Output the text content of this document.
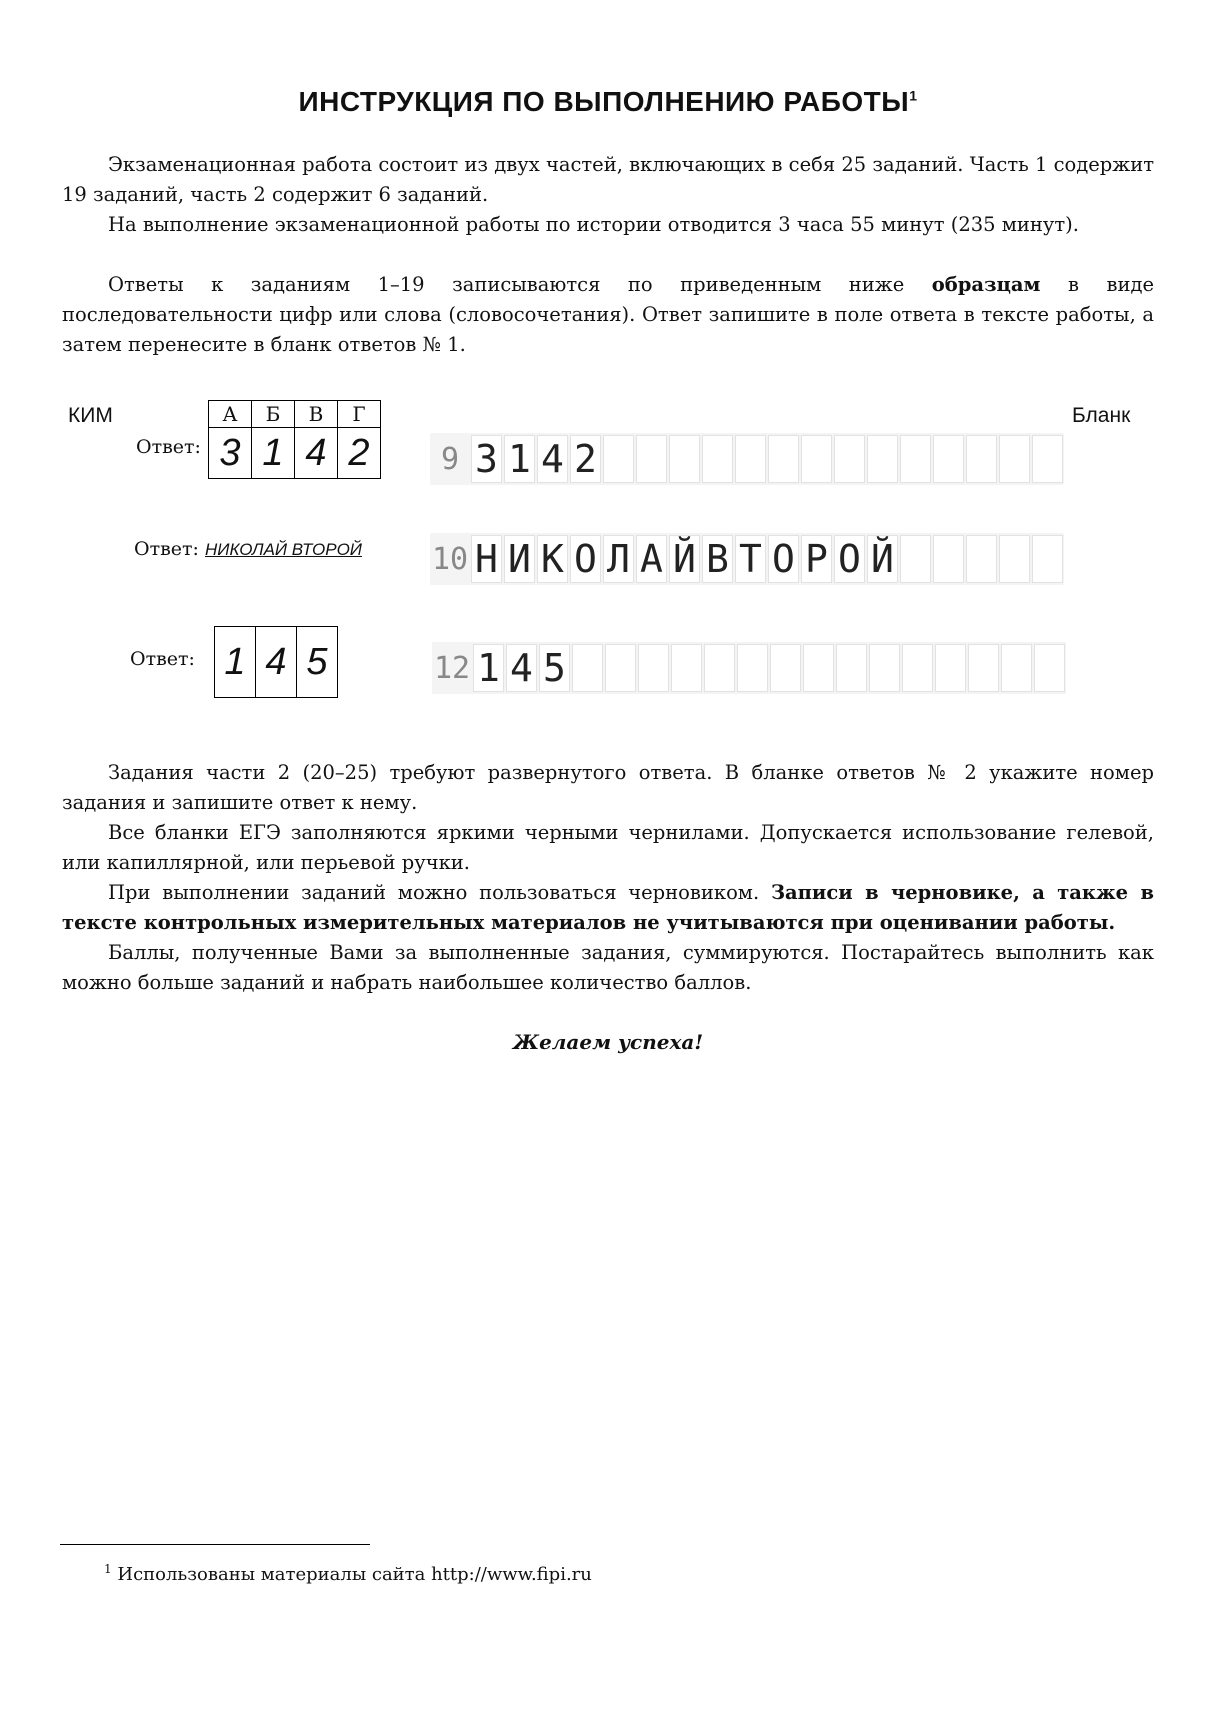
ИНСТРУКЦИЯ ПО ВЫПОЛНЕНИЮ РАБОТЫ$^1$

Экзаменационная работа состоит из двух частей, включающих в себя 25 заданий. Часть 1 содержит 19 заданий, часть 2 содержит 6 заданий.

На выполнение экзаменационной работы по истории отводится 3 часа 55 минут (235 минут).

Ответы к заданиям 1–19 записываются по приведенным ниже образцам в виде последовательности цифр или слова (словосочетания). Ответ запишите в поле ответа в тексте работы, а затем перенесите в бланк ответов № 1.

КИМ	Бланк
Ответ:
А	Б	В	Г
3	1	4	2
Ответ: НИКОЛАЙ ВТОРОЙ
Ответ: 1	4	5
9 3 1 4 2
10 Н И К О Л А Й В Т О Р О Й
12 1 4 5

Задания части 2 (20–25) требуют развернутого ответа. В бланке ответов № 2 укажите номер задания и запишите ответ к нему.

Все бланки ЕГЭ заполняются яркими черными чернилами. Допускается использование гелевой, или капиллярной, или перьевой ручки.

При выполнении заданий можно пользоваться черновиком. Записи в черновике, а также в тексте контрольных измерительных материалов не учитываются при оценивании работы.

Баллы, полученные Вами за выполненные задания, суммируются. Постарайтесь выполнить как можно больше заданий и набрать наибольшее количество баллов.

Желаем успеха!
$^1$ Использованы материалы сайта http://www.fipi.ru
